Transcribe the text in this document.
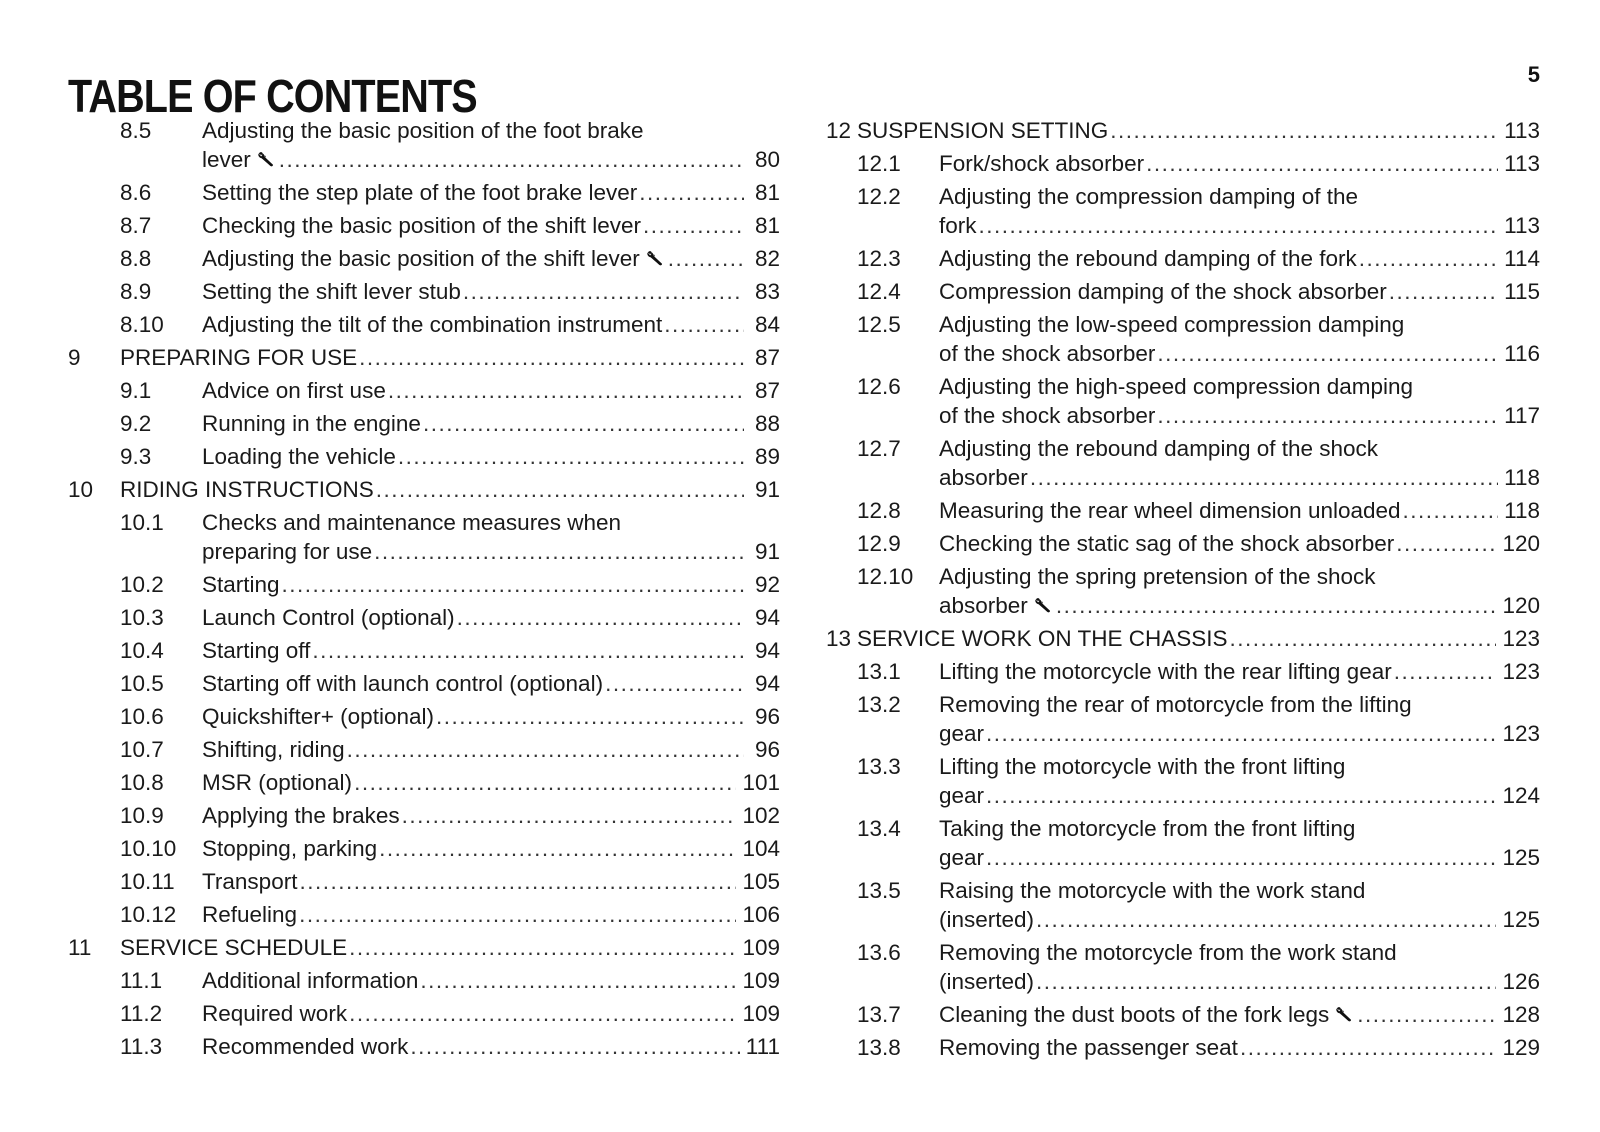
TABLE OF CONTENTS	5
8.5 Adjusting the basic position of the foot brake
lever .....	80
8.6 Setting the step plate of the foot brake lever .....	81
8.7 Checking the basic position of the shift lever .....	81
8.8 Adjusting the basic position of the shift lever .....	82
8.9 Setting the shift lever stub .....	83
8.10 Adjusting the tilt of the combination instrument .....	84
9 PREPARING FOR USE .....	87
9.1 Advice on first use .....	87
9.2 Running in the engine .....	88
9.3 Loading the vehicle .....	89
10 RIDING INSTRUCTIONS .....	91
10.1 Checks and maintenance measures when
preparing for use .....	91
10.2 Starting .....	92
10.3 Launch Control (optional) .....	94
10.4 Starting off .....	94
10.5 Starting off with launch control (optional) .....	94
10.6 Quickshifter+ (optional) .....	96
10.7 Shifting, riding .....	96
10.8 MSR (optional) .....	101
10.9 Applying the brakes .....	102
10.10 Stopping, parking .....	104
10.11 Transport .....	105
10.12 Refueling .....	106
11 SERVICE SCHEDULE .....	109
11.1 Additional information .....	109
11.2 Required work .....	109
11.3 Recommended work .....	111
12 SUSPENSION SETTING .....	113
12.1 Fork/shock absorber .....	113
12.2 Adjusting the compression damping of the
fork .....	113
12.3 Adjusting the rebound damping of the fork .....	114
12.4 Compression damping of the shock absorber .....	115
12.5 Adjusting the low-speed compression damping
of the shock absorber .....	116
12.6 Adjusting the high-speed compression damping
of the shock absorber .....	117
12.7 Adjusting the rebound damping of the shock
absorber .....	118
12.8 Measuring the rear wheel dimension unloaded .....	118
12.9 Checking the static sag of the shock absorber .....	120
12.10 Adjusting the spring pretension of the shock
absorber .....	120
13 SERVICE WORK ON THE CHASSIS .....	123
13.1 Lifting the motorcycle with the rear lifting gear .....	123
13.2 Removing the rear of motorcycle from the lifting
gear .....	123
13.3 Lifting the motorcycle with the front lifting
gear .....	124
13.4 Taking the motorcycle from the front lifting
gear .....	125
13.5 Raising the motorcycle with the work stand
(inserted) .....	125
13.6 Removing the motorcycle from the work stand
(inserted) .....	126
13.7 Cleaning the dust boots of the fork legs .....	128
13.8 Removing the passenger seat .....	129
